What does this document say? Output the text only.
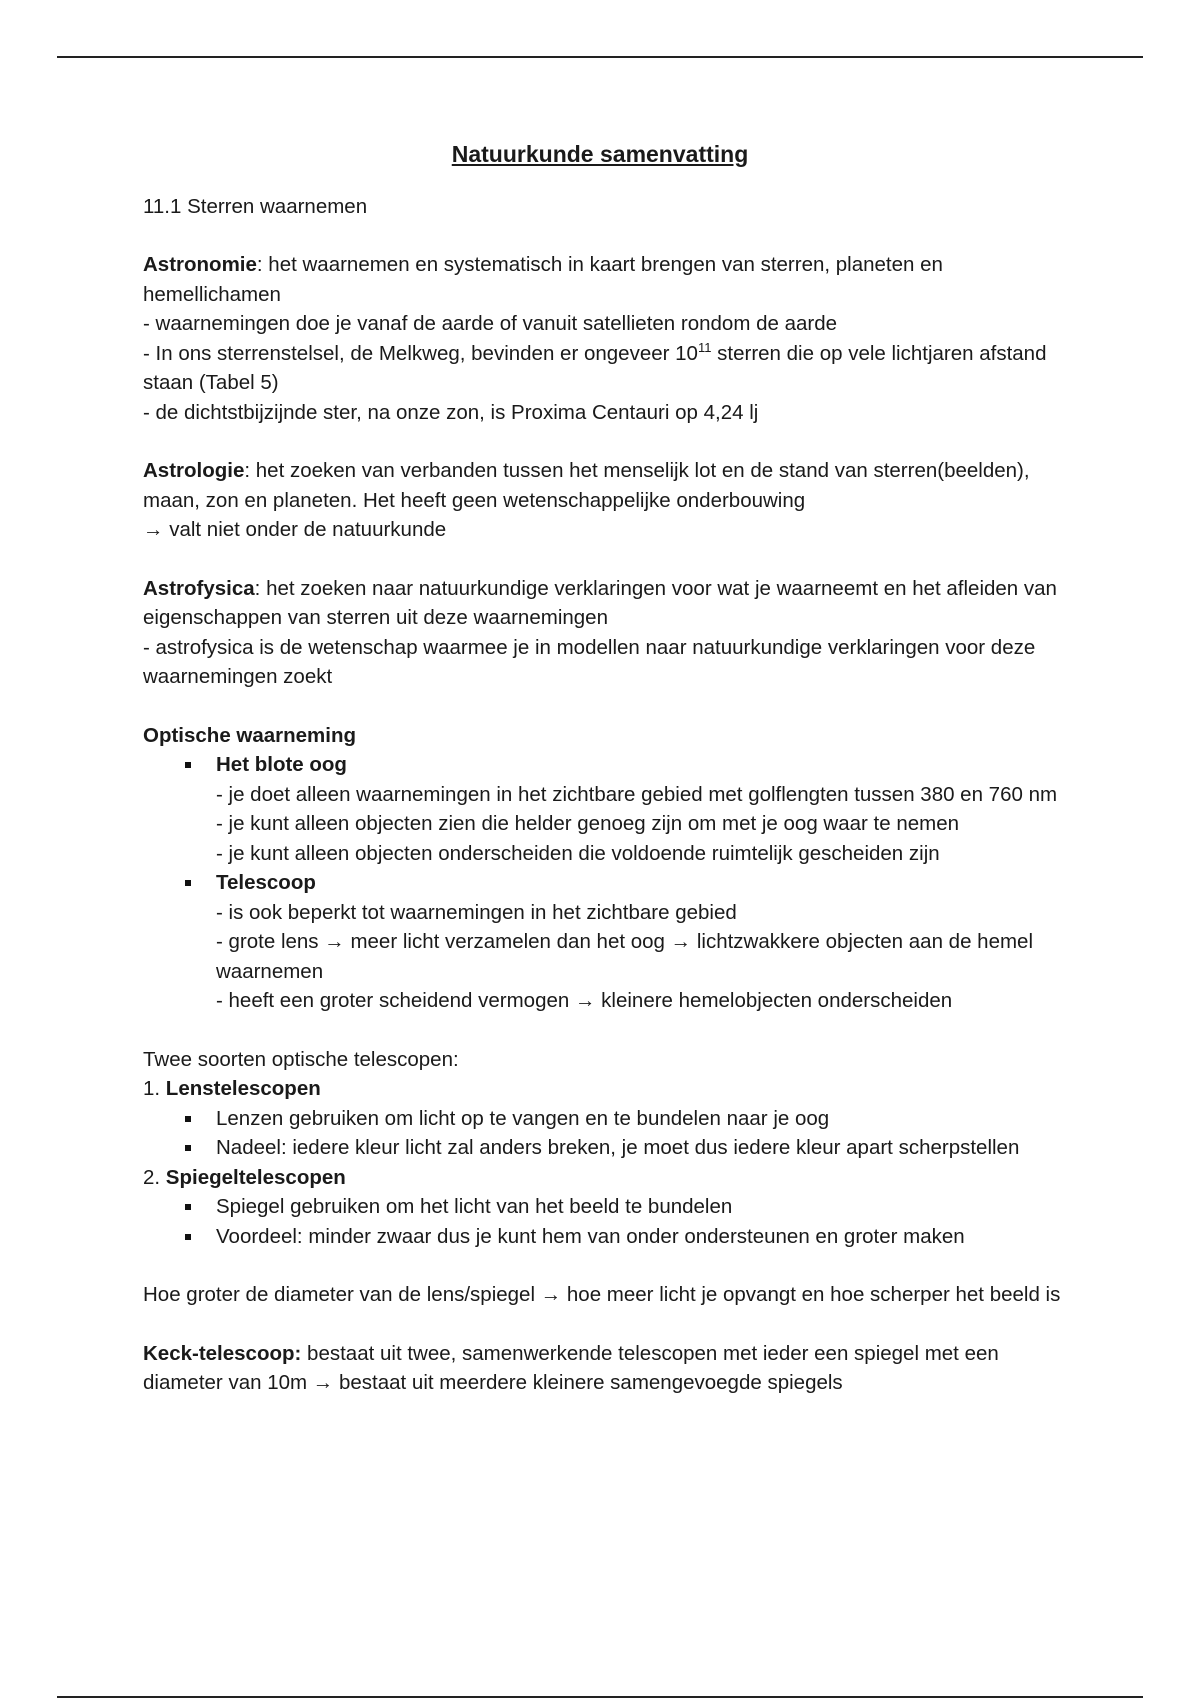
Natuurkunde samenvatting

11.1 Sterren waarnemen

Astronomie: het waarnemen en systematisch in kaart brengen van sterren, planeten en hemellichamen

- waarnemingen doe je vanaf de aarde of vanuit satellieten rondom de aarde

- In ons sterrenstelsel, de Melkweg, bevinden er ongeveer $10^{11}$ sterren die op vele lichtjaren afstand staan (Tabel 5)

- de dichtstbijzijnde ster, na onze zon, is Proxima Centauri op 4,24 lj

Astrologie: het zoeken van verbanden tussen het menselijk lot en de stand van sterren(beelden), maan, zon en planeten. Het heeft geen wetenschappelijke onderbouwing

→ valt niet onder de natuurkunde

Astrofysica: het zoeken naar natuurkundige verklaringen voor wat je waarneemt en het afleiden van eigenschappen van sterren uit deze waarnemingen

- astrofysica is de wetenschap waarmee je in modellen naar natuurkundige verklaringen voor deze waarnemingen zoekt

Optische waarneming

Het blote oog

- je doet alleen waarnemingen in het zichtbare gebied met golflengten tussen 380 en 760 nm

- je kunt alleen objecten zien die helder genoeg zijn om met je oog waar te nemen

- je kunt alleen objecten onderscheiden die voldoende ruimtelijk gescheiden zijn

Telescoop

- is ook beperkt tot waarnemingen in het zichtbare gebied

- grote lens → meer licht verzamelen dan het oog → lichtzwakkere objecten aan de hemel waarnemen

- heeft een groter scheidend vermogen → kleinere hemelobjecten onderscheiden

Twee soorten optische telescopen:

1. Lenstelescopen

Lenzen gebruiken om licht op te vangen en te bundelen naar je oog
Nadeel: iedere kleur licht zal anders breken, je moet dus iedere kleur apart scherpstellen

2. Spiegeltelescopen

Spiegel gebruiken om het licht van het beeld te bundelen
Voordeel: minder zwaar dus je kunt hem van onder ondersteunen en groter maken

Hoe groter de diameter van de lens/spiegel → hoe meer licht je opvangt en hoe scherper het beeld is

Keck-telescoop: bestaat uit twee, samenwerkende telescopen met ieder een spiegel met een diameter van 10m → bestaat uit meerdere kleinere samengevoegde spiegels
